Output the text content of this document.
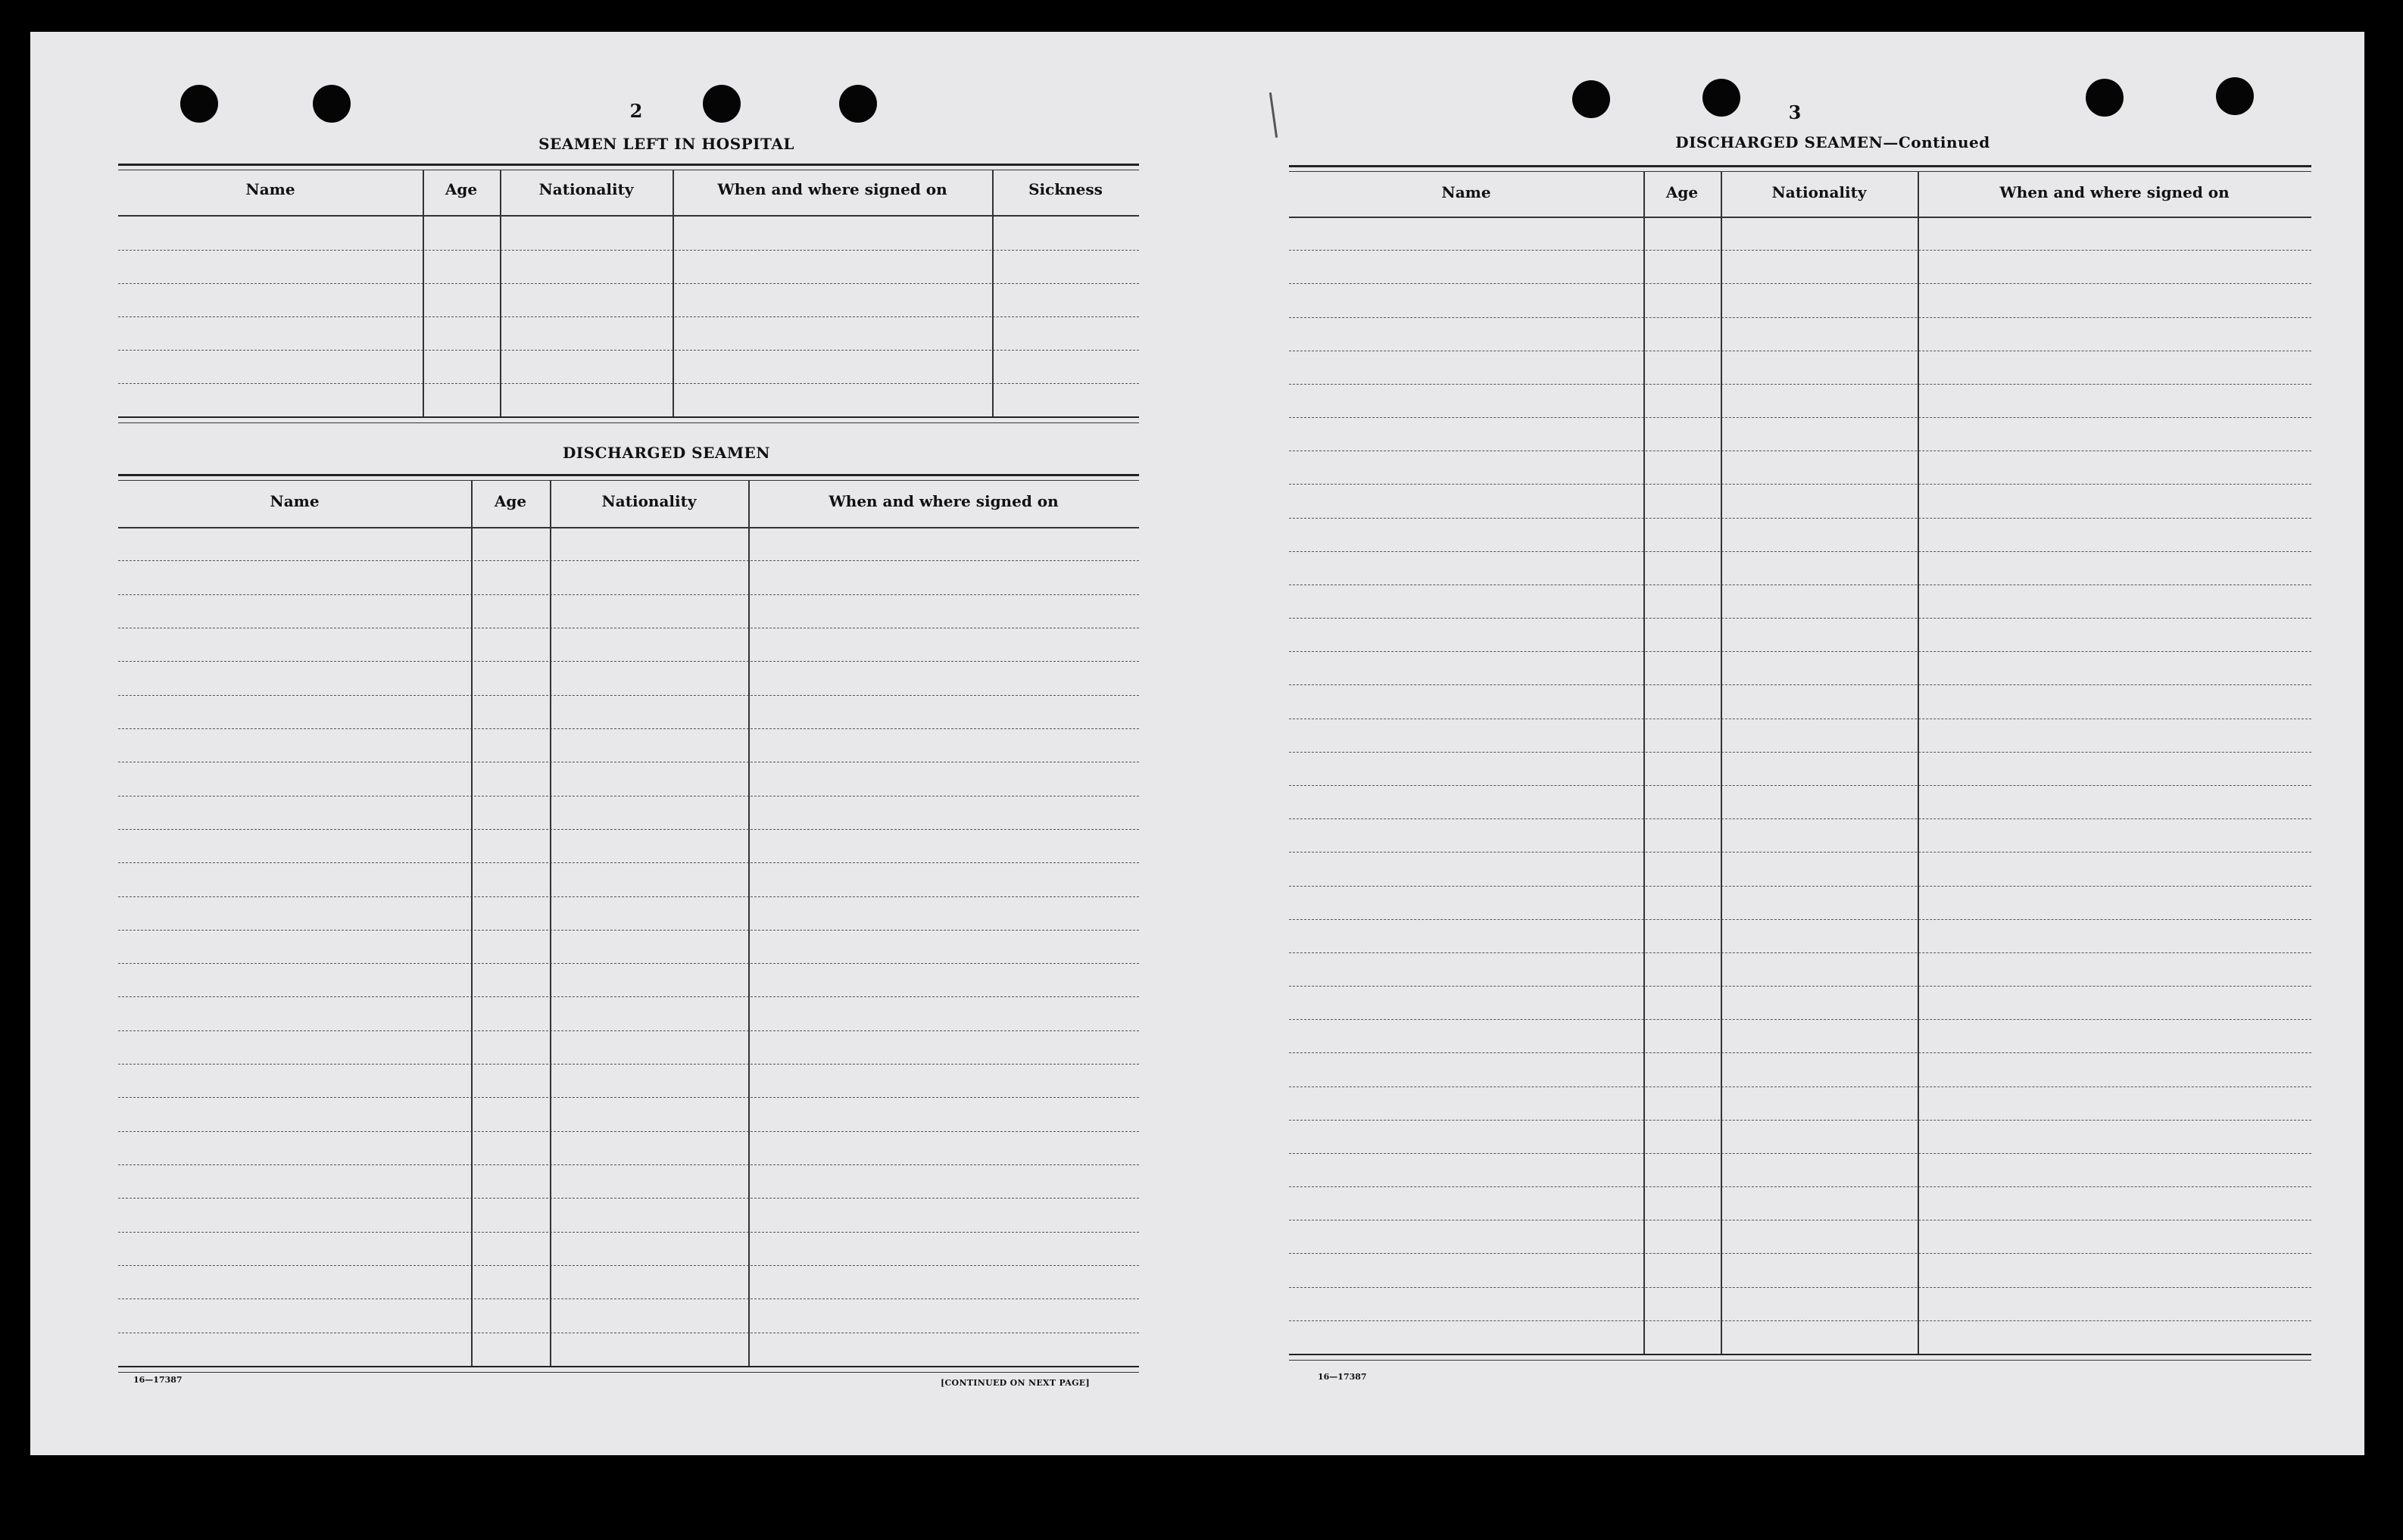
2
SEAMEN LEFT IN HOSPITAL
Name	Age	Nationality	When and where signed on	Sickness
DISCHARGED SEAMEN
Name	Age	Nationality	When and where signed on
16—17387	[CONTINUED ON NEXT PAGE]
3
DISCHARGED SEAMEN—Continued
Name	Age	Nationality	When and where signed on
16—17387
